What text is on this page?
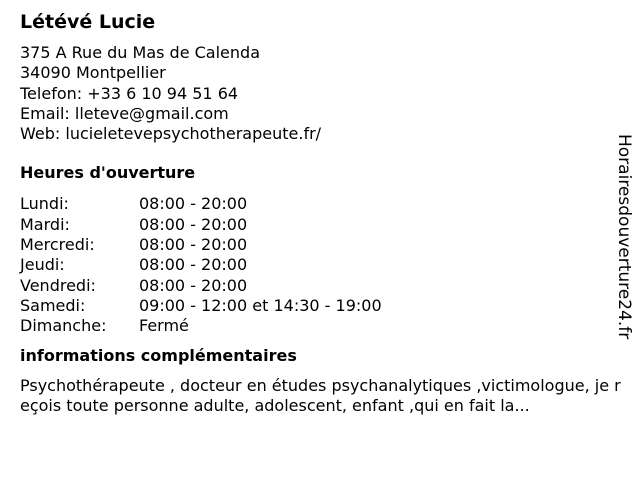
Létévé Lucie
375 A Rue du Mas de Calenda
34090 Montpellier
Telefon: +33 6 10 94 51 64
Email: lleteve@gmail.com
Web: lucieletevepsychotherapeute.fr/
Heures d'ouverture
Lundi:	08:00 - 20:00
Mardi:	08:00 - 20:00
Mercredi:	08:00 - 20:00
Jeudi:	08:00 - 20:00
Vendredi:	08:00 - 20:00
Samedi:	09:00 - 12:00 et 14:30 - 19:00
Dimanche:	Fermé
informations complémentaires
Psychothérapeute , docteur en études psychanalytiques ,victimologue, je reçois toute personne adulte, adolescent, enfant ,qui en fait la...
Horairesdouverture24.fr
